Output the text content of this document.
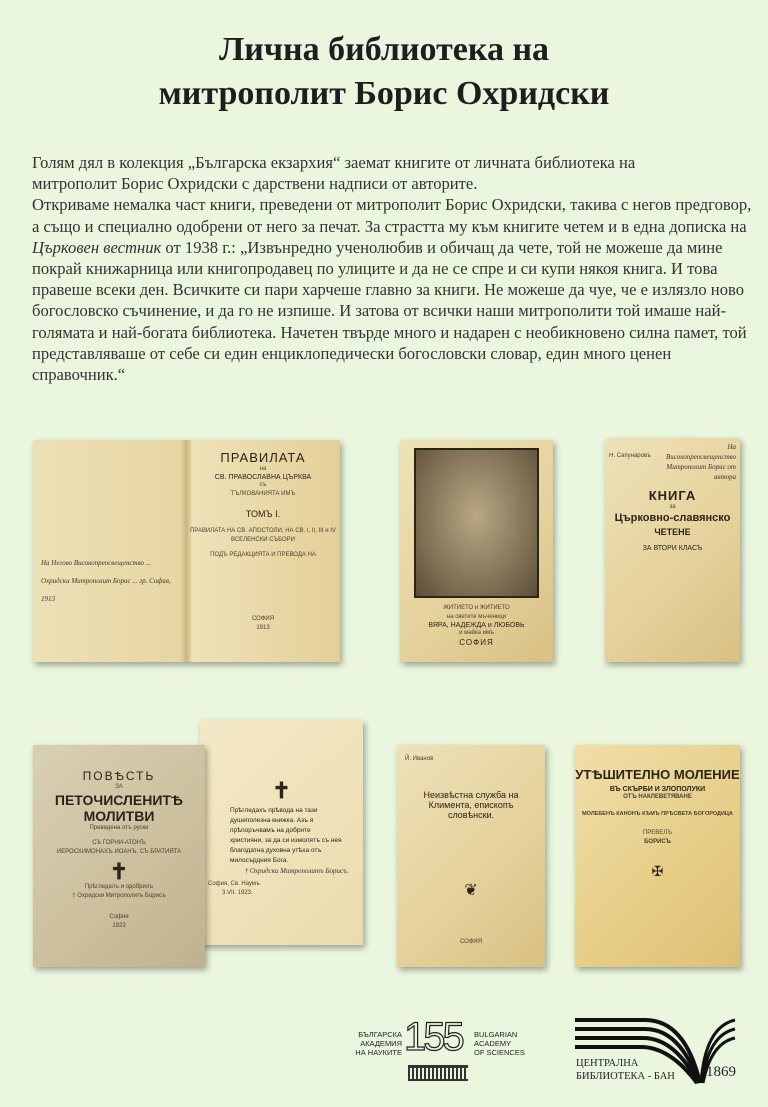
Лична библиотека на
митрополит Борис Охридски

Голям дял в колекция „Българска екзархия“ заемат книгите от личната библиотека на митрополит Борис Охридски с дарствени надписи от авторите.

Откриваме немалка част книги, преведени от митрополит Борис Охридски, такива с негов предговор, а също и специално одобрени от него за печат. За страстта му към книгите четем и в една дописка на Църковен вестник от 1938 г.: „Извънредно ученолюбив и обичащ да чете, той не можеше да мине покрай книжарница или книгопродавец по улиците и да не се спре и си купи някоя книга. И това правеше всеки ден. Всичките си пари харчеше главно за книги. Не можеше да чуе, че е излязло ново богословско съчинение, и да го не изпише. И затова от всички наши митрополити той имаше най-голямата и най-богата библиотека. Начетен твърде много и надарен с необикновено силна памет, той представляваше от себе си един енциклопедически богословски словар, един много ценен справочник.“

На Негово Високопреосвещенство ... Охридски Митрополит Борис ... гр. София, 1913
ПРАВИЛАТА
на
СВ. ПРАВОСЛАВНА ЦЪРКВА
съ
ТЪЛКОВАНИЯТА ИМЪ
ТОМЪ I.
ПРАВИЛАТА НА СВ. АПОСТОЛИ, НА СВ. I, II, III и IV ВСЕЛЕНСКИ СЪБОРИ
ПОДЪ РЕДАКЦИЯТА И ПРЕВОДА НА
СОФИЯ
1913
ЖИТИЕТО и ЖИТИЕТО
на светите мъченици
ВЯРА, НАДЕЖДА и ЛЮБОВЬ
и майка имъ
СОФИЯ
Н. Сапунаровъ
На Високопреосвещенство Митрополит Борис от автора
КНИГА
за
Църковно-славянско
ЧЕТЕНЕ
ЗА ВТОРИ КЛАСЪ
✝
Прѣгледахъ прѣвода на тази душеполезна книжка. Азъ я прѣпоръчвамъ на добрите християни, за да си измолятъ съ нея благодатна духовна утѣха отъ милосърдния Бога.
† Охридски Митрополитъ Борисъ.
София, Св. Наумъ
3.VII. 1923.
ПОВѢСТЬ
ЗА
ПЕТОЧИСЛЕНИТѢ МОЛИТВИ
Преведена отъ руски
СЪ ГОРНИ-АТОНЪ
ИЕРОСХИМОНАХЪ ИОАНЪ, СЪ БРАТИЯТА
✝
Прѣгледалъ и одобрилъ
† Охридски Митрополитъ Борисъ
София
1923
Й. Иванов
Неизвѣстна служба на Климента, епископъ словѣнски.
❦
СОФИЯ
УТѢШИТЕЛНО МОЛЕНИЕ
ВЪ СКЪРБИ И ЗЛОПОЛУКИ
ОТЪ НАКЛЕВЕТЯВАНЕ
МОЛЕБЕНЪ КАНОНЪ КЪМЪ ПРѢСВЕТА БОГОРОДИЦА
ПРЕВЕЛЪ
БОРИСЪ
✠
БЪЛГАРСКА
АКАДЕМИЯ
НА НАУКИТЕ 155 BULGARIAN
ACADEMY
OF SCIENCES
ЦЕНТРАЛНА
БИБЛИОТЕКА - БАН 1869
